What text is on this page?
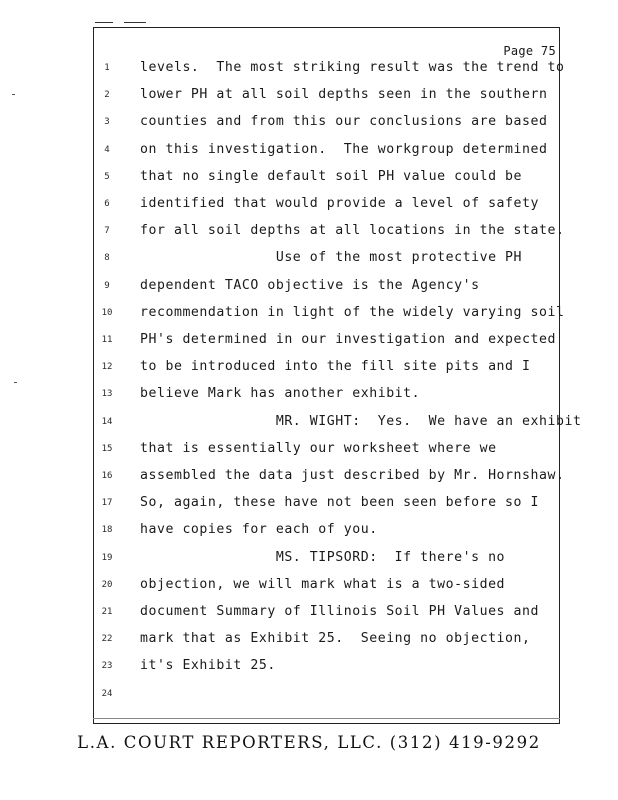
Page 75
1	levels.  The most striking result was the trend to
2	lower PH at all soil depths seen in the southern
3	counties and from this our conclusions are based
4	on this investigation.  The workgroup determined
5	that no single default soil PH value could be
6	identified that would provide a level of safety
7	for all soil depths at all locations in the state.
8	Use of the most protective PH
9	dependent TACO objective is the Agency's
10	recommendation in light of the widely varying soil
11	PH's determined in our investigation and expected
12	to be introduced into the fill site pits and I
13	believe Mark has another exhibit.
14	MR. WIGHT:  Yes.  We have an exhibit
15	that is essentially our worksheet where we
16	assembled the data just described by Mr. Hornshaw.
17	So, again, these have not been seen before so I
18	have copies for each of you.
19	MS. TIPSORD:  If there's no
20	objection, we will mark what is a two-sided
21	document Summary of Illinois Soil PH Values and
22	mark that as Exhibit 25.  Seeing no objection,
23	it's Exhibit 25.
24
L.A. COURT REPORTERS, LLC. (312) 419-9292
